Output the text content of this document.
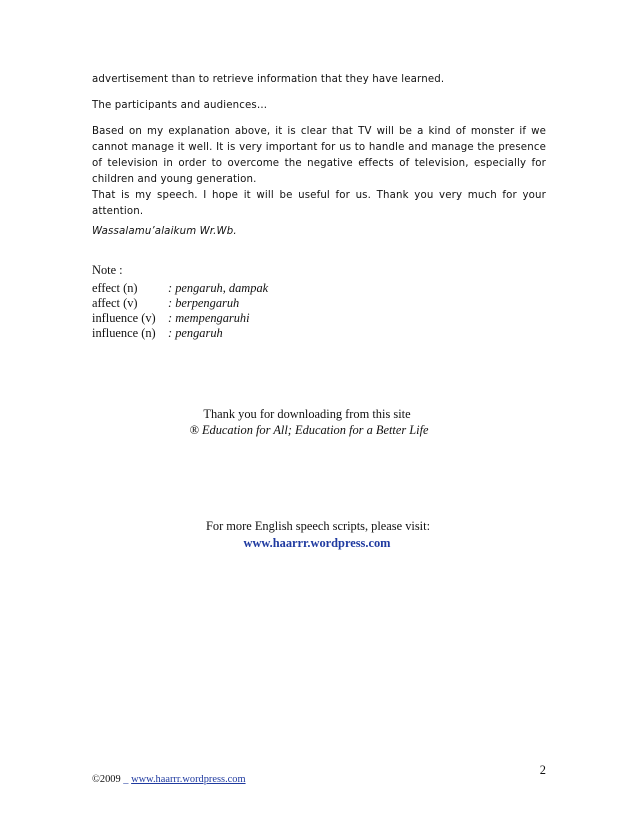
advertisement than to retrieve information that they have learned.
The participants and audiences…
Based on my explanation above, it is clear that TV will be a kind of monster if we cannot manage it well. It is very important for us to handle and manage the presence of television in order to overcome the negative effects of television, especially for children and young generation.
That is my speech. I hope it will be useful for us. Thank you very much for your attention.
Wassalamu’alaikum Wr.Wb.
Note :
effect (n)	: pengaruh, dampak
affect (v)	: berpengaruh
influence (v) : mempengaruhi
influence (n) : pengaruh
Thank you for downloading from this site
® Education for All; Education for a Better Life
For more English speech scripts, please visit:
www.haarrr.wordpress.com
2
©2009 _ www.haarrr.wordpress.com
